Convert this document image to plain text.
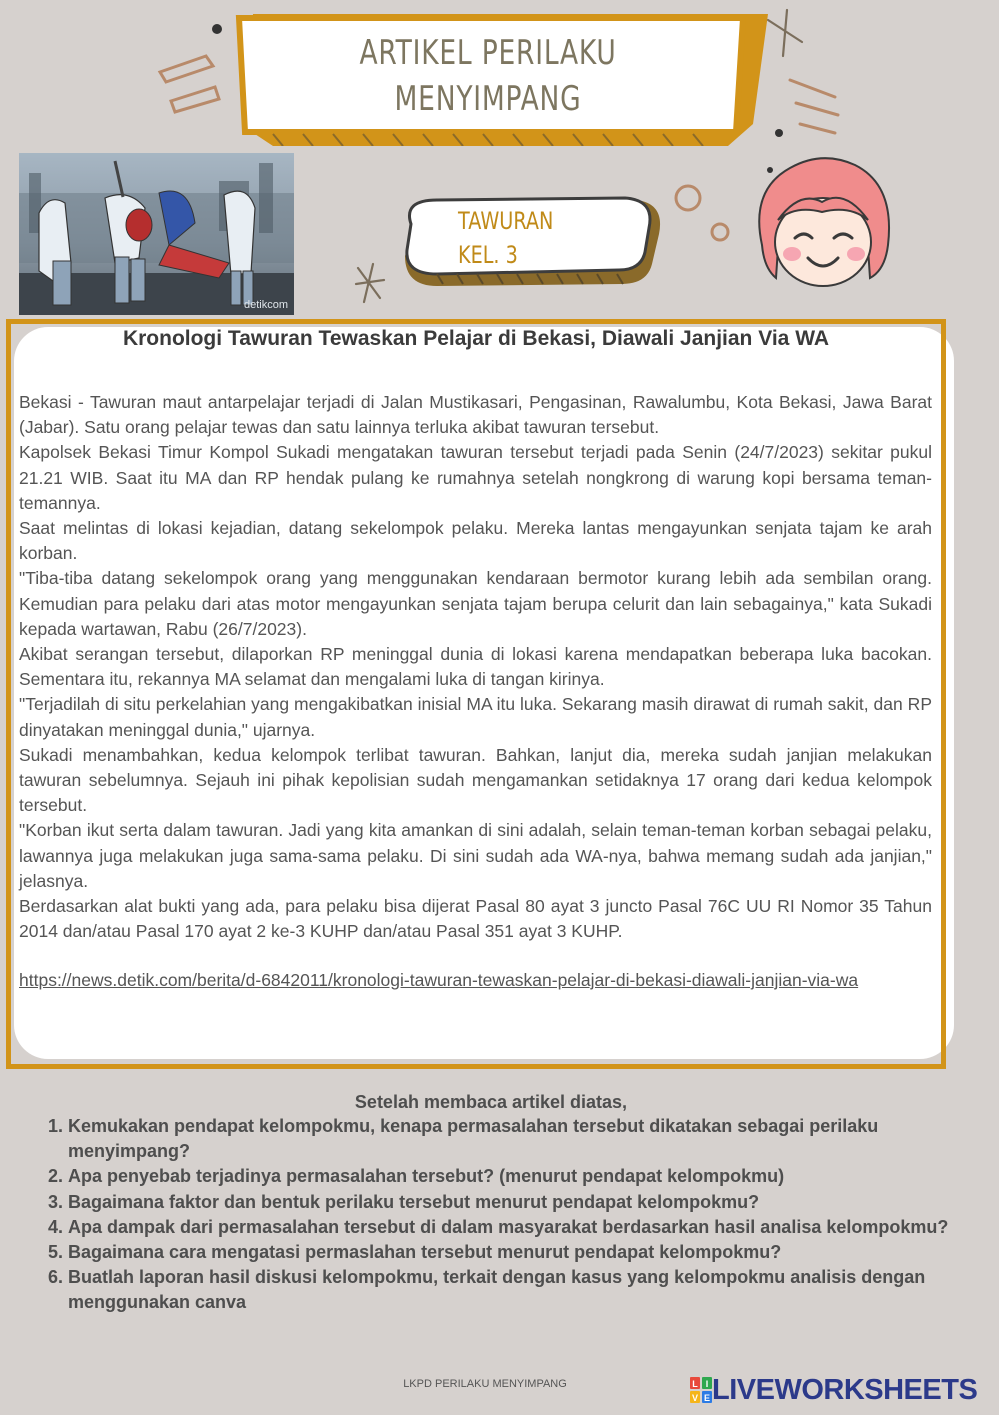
ARTIKEL PERILAKU
MENYIMPANG
TAWURAN
KEL. 3
detikcom
Kronologi Tawuran Tewaskan Pelajar di Bekasi, Diawali Janjian Via WA

Bekasi - Tawuran maut antarpelajar terjadi di Jalan Mustikasari, Pengasinan, Rawalumbu, Kota Bekasi, Jawa Barat (Jabar). Satu orang pelajar tewas dan satu lainnya terluka akibat tawuran tersebut.

Kapolsek Bekasi Timur Kompol Sukadi mengatakan tawuran tersebut terjadi pada Senin (24/7/2023) sekitar pukul 21.21 WIB. Saat itu MA dan RP hendak pulang ke rumahnya setelah nongkrong di warung kopi bersama teman-temannya.

Saat melintas di lokasi kejadian, datang sekelompok pelaku. Mereka lantas mengayunkan senjata tajam ke arah korban.

"Tiba-tiba datang sekelompok orang yang menggunakan kendaraan bermotor kurang lebih ada sembilan orang. Kemudian para pelaku dari atas motor mengayunkan senjata tajam berupa celurit dan lain sebagainya," kata Sukadi kepada wartawan, Rabu (26/7/2023).

Akibat serangan tersebut, dilaporkan RP meninggal dunia di lokasi karena mendapatkan beberapa luka bacokan. Sementara itu, rekannya MA selamat dan mengalami luka di tangan kirinya.

"Terjadilah di situ perkelahian yang mengakibatkan inisial MA itu luka. Sekarang masih dirawat di rumah sakit, dan RP dinyatakan meninggal dunia," ujarnya.

Sukadi menambahkan, kedua kelompok terlibat tawuran. Bahkan, lanjut dia, mereka sudah janjian melakukan tawuran sebelumnya. Sejauh ini pihak kepolisian sudah mengamankan setidaknya 17 orang dari kedua kelompok tersebut.

"Korban ikut serta dalam tawuran. Jadi yang kita amankan di sini adalah, selain teman-teman korban sebagai pelaku, lawannya juga melakukan juga sama-sama pelaku. Di sini sudah ada WA-nya, bahwa memang sudah ada janjian," jelasnya.

Berdasarkan alat bukti yang ada, para pelaku bisa dijerat Pasal 80 ayat 3 juncto Pasal 76C UU RI Nomor 35 Tahun 2014 dan/atau Pasal 170 ayat 2 ke-3 KUHP dan/atau Pasal 351 ayat 3 KUHP.

https://news.detik.com/berita/d-6842011/kronologi-tawuran-tewaskan-pelajar-di-bekasi-diawali-janjian-via-wa
Setelah membaca artikel diatas,
1. Kemukakan pendapat kelompokmu, kenapa permasalahan tersebut dikatakan sebagai perilaku menyimpang?
2. Apa penyebab terjadinya permasalahan tersebut? (menurut pendapat kelompokmu)
3. Bagaimana faktor dan bentuk perilaku tersebut menurut pendapat kelompokmu?
4. Apa dampak dari permasalahan tersebut di dalam masyarakat berdasarkan hasil analisa kelompokmu?
5. Bagaimana cara mengatasi permaslahan tersebut menurut pendapat kelompokmu?
6. Buatlah laporan hasil diskusi kelompokmu, terkait dengan kasus yang kelompokmu analisis dengan menggunakan canva
LKPD PERILAKU MENYIMPANG	L I
V E LIVEWORKSHEETS
